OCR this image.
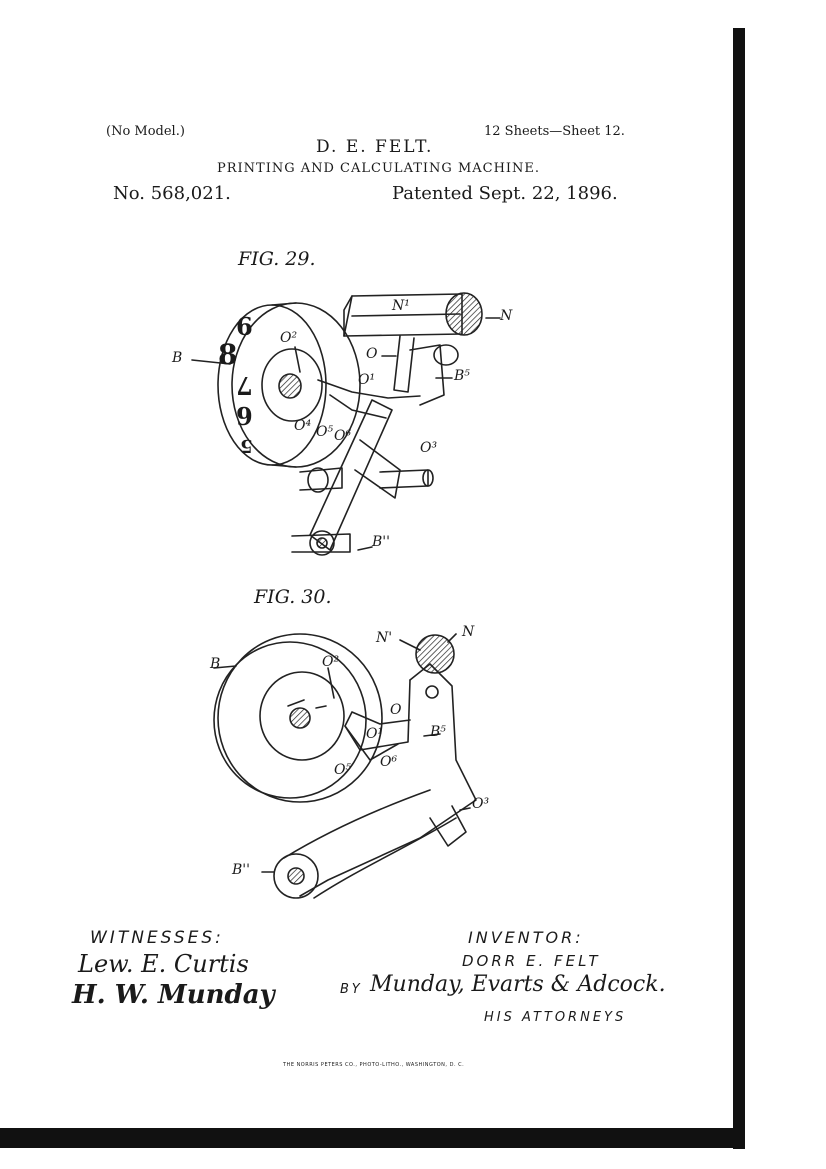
(No Model.)
D. E. FELT.
12 Sheets—Sheet 12.
PRINTING AND CALCULATING MACHINE.
No. 568,021.	Patented Sept. 22, 1896.
FIG. 29.
FIG. 30.
9
8
7
6
5
B
O²
N¹
N
O
O¹	B⁵
O⁴ O⁵ O⁶
O³
B''
N'	N
B	O²
O
O¹	B⁵
O⁵ O⁶
O³
B''
WITNESSES:
Lew. E. Curtis
H. W. Munday
INVENTOR:
DORR E. FELT
BY Munday, Evarts & Adcock.
HIS ATTORNEYS
THE NORRIS PETERS CO., PHOTO-LITHO., WASHINGTON, D. C.
